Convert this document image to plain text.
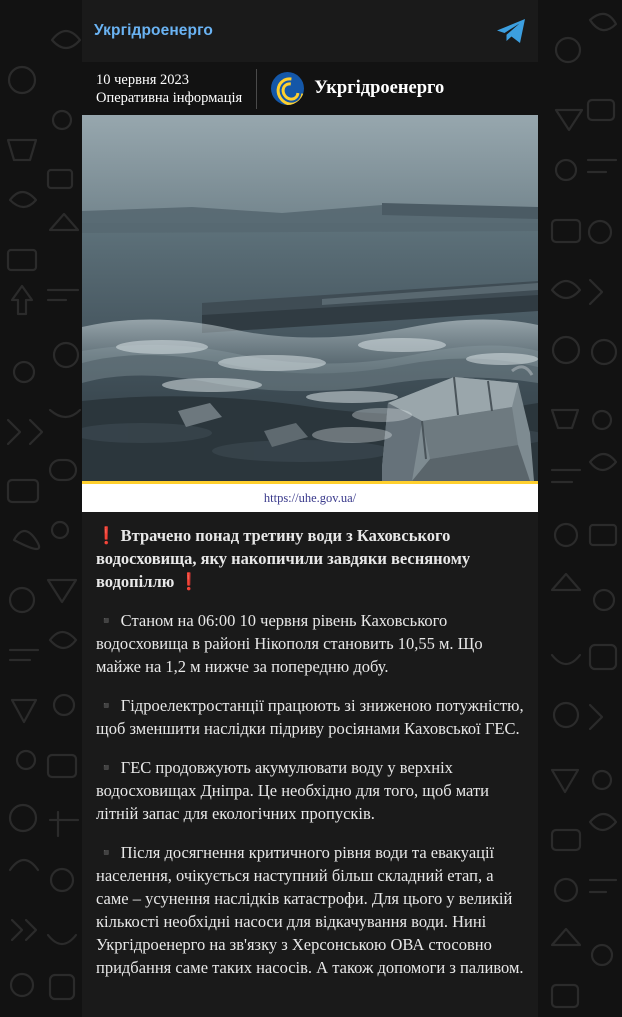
Укргідроенерго
10 червня 2023
Оперативна інформація	Укргідроенерго
https://uhe.gov.ua/

❗ Втрачено понад третину води з Каховського водосховища, яку накопичили завдяки весняному водопіллю ❗

▪️ Станом на 06:00 10 червня рівень Каховського водосховища в районі Нікополя становить 10,55 м. Що майже на 1,2 м нижче за попередню добу.

▪️ Гідроелектростанції працюють зі зниженою потужністю, щоб зменшити наслідки підриву росіянами Каховської ГЕС.

▪️ ГЕС продовжують акумулювати воду у верхніх водосховищах Дніпра. Це необхідно для того, щоб мати літній запас для екологічних пропусків.

▪️ Після досягнення критичного рівня води та евакуації населення, очікується наступний більш складний етап, а саме – усунення наслідків катастрофи. Для цього у великій кількості необхідні насоси для відкачування води. Нині Укргідроенерго на зв'язку з Херсонською ОВА стосовно придбання саме таких насосів. А також допомоги з паливом.
